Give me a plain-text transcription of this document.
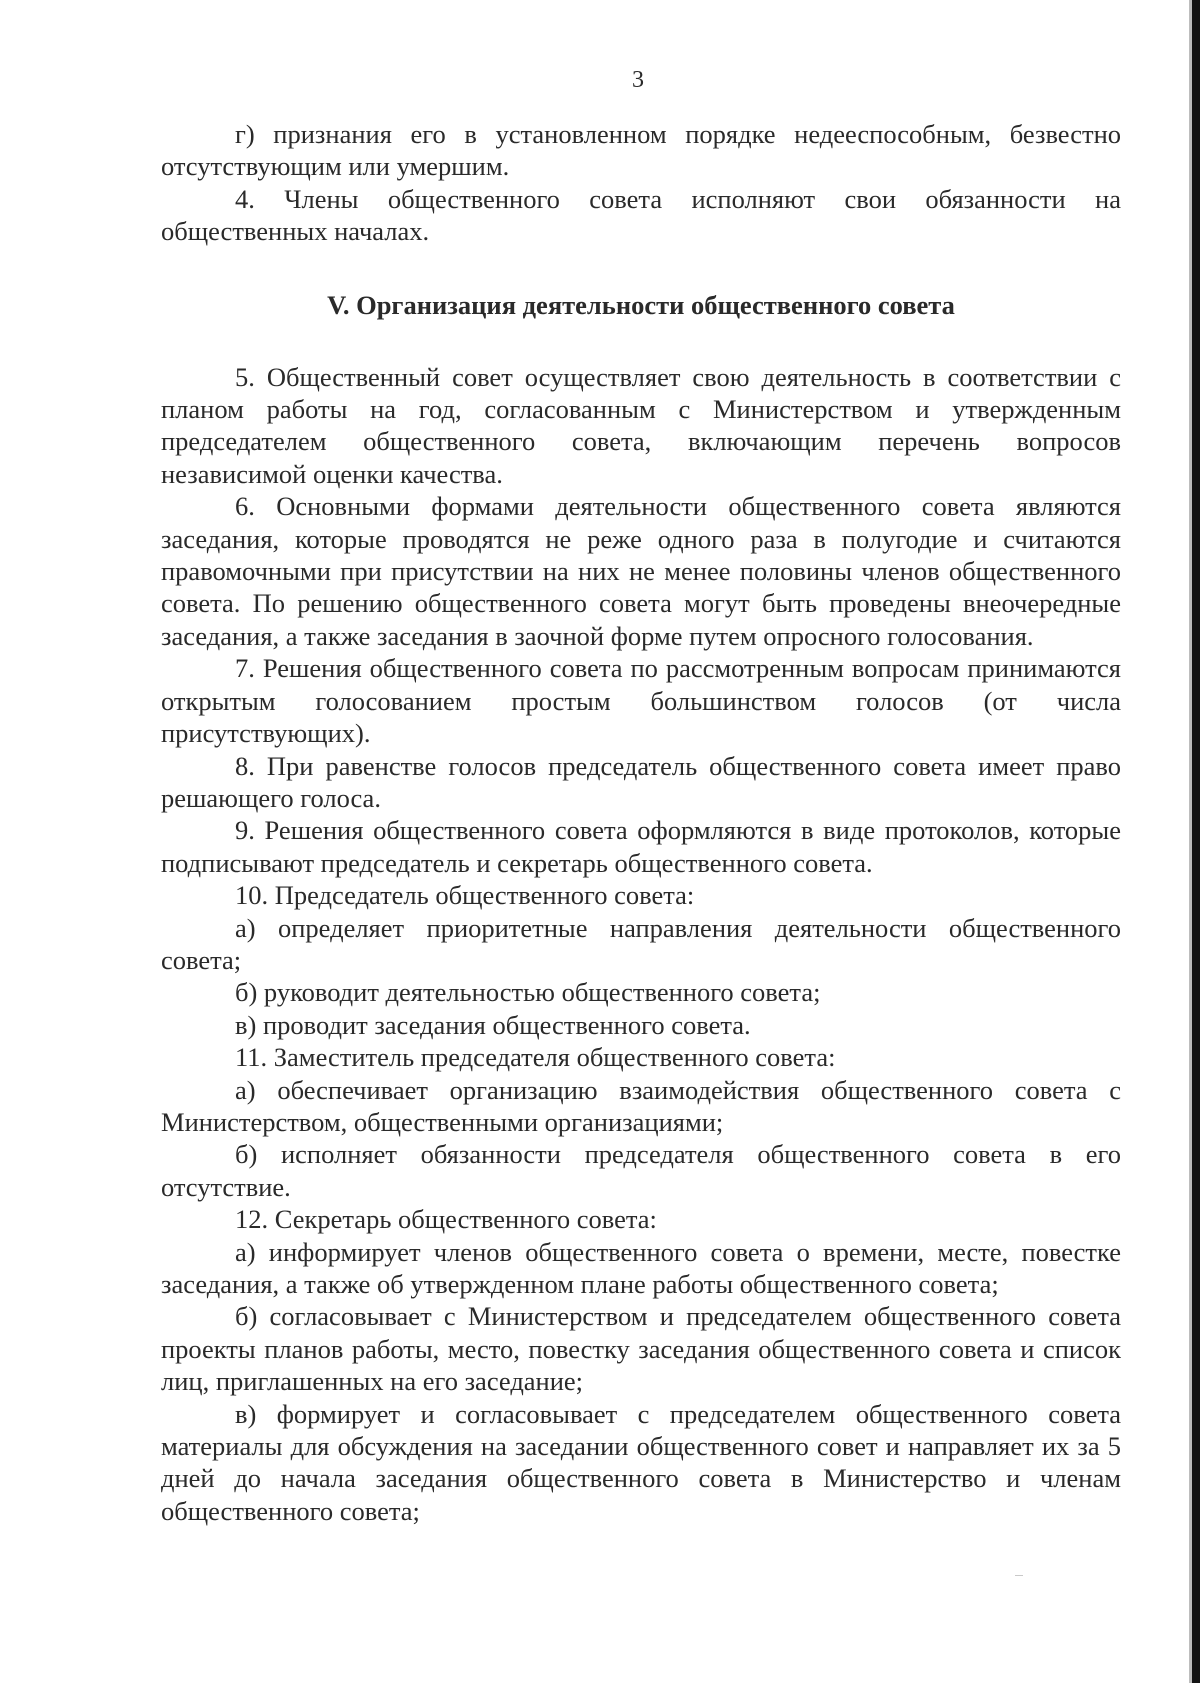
3

г) признания его в установленном порядке недееспособным, безвестно отсутствующим или умершим.

4. Члены общественного совета исполняют свои обязанности на общественных началах.

V. Организация деятельности общественного совета

5. Общественный совет осуществляет свою деятельность в соответствии с планом работы на год, согласованным с Министерством и утвержденным председателем общественного совета, включающим перечень вопросов независимой оценки качества.

6. Основными формами деятельности общественного совета являются заседания, которые проводятся не реже одного раза в полугодие и считаются правомочными при присутствии на них не менее половины членов общественного совета. По решению общественного совета могут быть проведены внеочередные заседания, а также заседания в заочной форме путем опросного голосования.

7. Решения общественного совета по рассмотренным вопросам принимаются открытым голосованием простым большинством голосов (от числа присутствующих).

8. При равенстве голосов председатель общественного совета имеет право решающего голоса.

9. Решения общественного совета оформляются в виде протоколов, которые подписывают председатель и секретарь общественного совета.

10. Председатель общественного совета:

а) определяет приоритетные направления деятельности общественного совета;

б) руководит деятельностью общественного совета;

в) проводит заседания общественного совета.

11. Заместитель председателя общественного совета:

а) обеспечивает организацию взаимодействия общественного совета с Министерством, общественными организациями;

б) исполняет обязанности председателя общественного совета в его отсутствие.

12. Секретарь общественного совета:

а) информирует членов общественного совета о времени, месте, повестке заседания, а также об утвержденном плане работы общественного совета;

б) согласовывает с Министерством и председателем общественного совета проекты планов работы, место, повестку заседания общественного совета и список лиц, приглашенных на его заседание;

в) формирует и согласовывает с председателем общественного совета материалы для обсуждения на заседании общественного совет и направляет их за 5 дней до начала заседания общественного совета в Министерство и членам общественного совета;
